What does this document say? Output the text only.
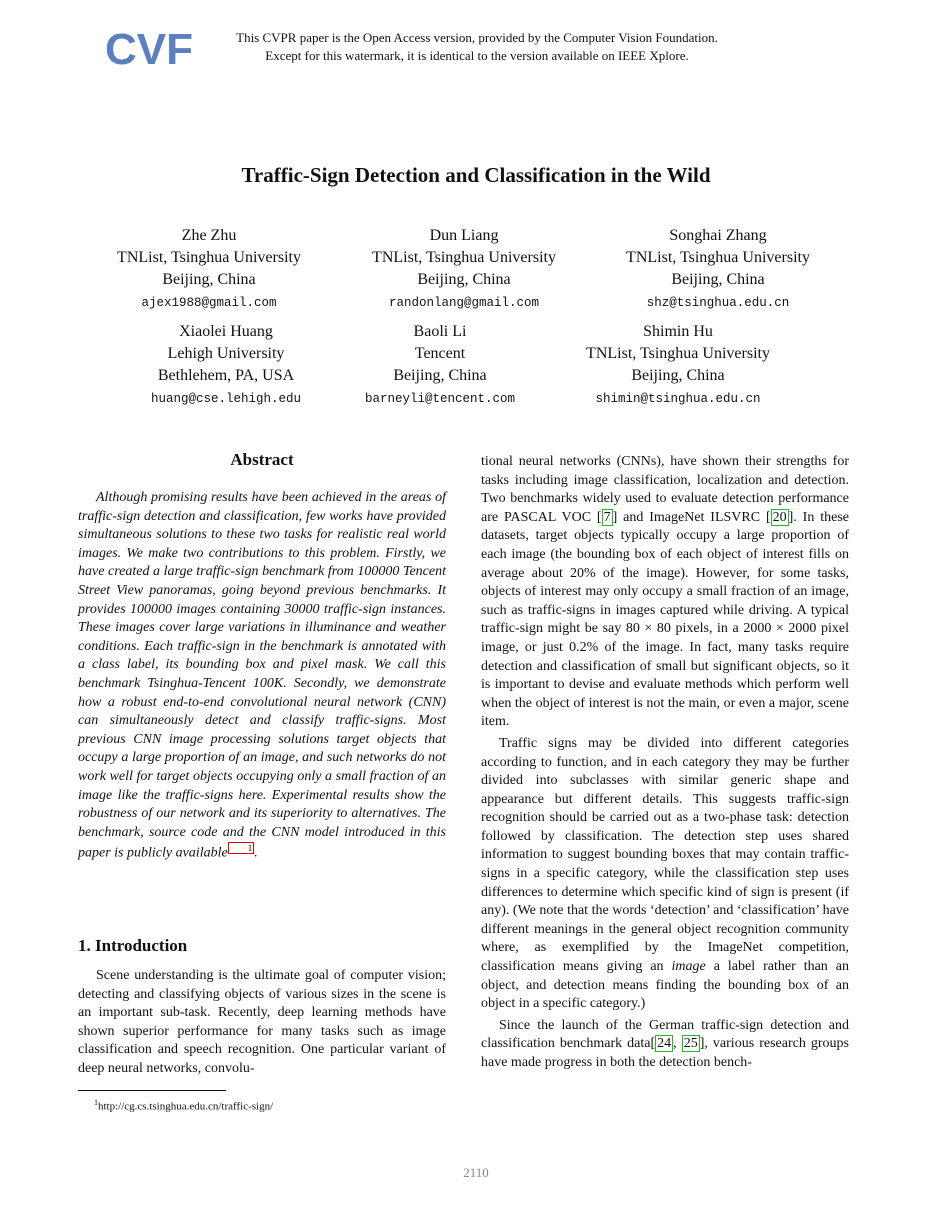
CVF	This CVPR paper is the Open Access version, provided by the Computer Vision Foundation.
Except for this watermark, it is identical to the version available on IEEE Xplore.
Traffic-Sign Detection and Classification in the Wild
Zhe Zhu
TNList, Tsinghua University
Beijing, China
ajex1988@gmail.com
Dun Liang
TNList, Tsinghua University
Beijing, China
randonlang@gmail.com
Songhai Zhang
TNList, Tsinghua University
Beijing, China
shz@tsinghua.edu.cn
Xiaolei Huang
Lehigh University
Bethlehem, PA, USA
huang@cse.lehigh.edu
Baoli Li
Tencent
Beijing, China
barneyli@tencent.com
Shimin Hu
TNList, Tsinghua University
Beijing, China
shimin@tsinghua.edu.cn
Abstract

Although promising results have been achieved in the areas of traffic-sign detection and classification, few works have provided simultaneous solutions to these two tasks for realistic real world images. We make two contributions to this problem. Firstly, we have created a large traffic-sign benchmark from 100000 Tencent Street View panoramas, going beyond previous benchmarks. It provides 100000 images containing 30000 traffic-sign instances. These images cover large variations in illuminance and weather conditions. Each traffic-sign in the benchmark is annotated with a class label, its bounding box and pixel mask. We call this benchmark Tsinghua-Tencent 100K. Secondly, we demonstrate how a robust end-to-end convolutional neural network (CNN) can simultaneously detect and classify traffic-signs. Most previous CNN image processing solutions target objects that occupy a large proportion of an image, and such networks do not work well for target objects occupying only a small fraction of an image like the traffic-signs here. Experimental results show the robustness of our network and its superiority to alternatives. The benchmark, source code and the CNN model introduced in this paper is publicly available 1 .

1. Introduction

Scene understanding is the ultimate goal of computer vision; detecting and classifying objects of various sizes in the scene is an important sub-task. Recently, deep learning methods have shown superior performance for many tasks such as image classification and speech recognition. One particular variant of deep neural networks, convolu-

tional neural networks (CNNs), have shown their strengths for tasks including image classification, localization and detection. Two benchmarks widely used to evaluate detection performance are PASCAL VOC [ 7 ] and ImageNet ILSVRC [ 20 ]. In these datasets, target objects typically occupy a large proportion of each image (the bounding box of each object of interest fills on average about 20% of the image). However, for some tasks, objects of interest may only occupy a small fraction of an image, such as traffic-signs in images captured while driving. A typical traffic-sign might be say 80 × 80 pixels, in a 2000 × 2000 pixel image, or just 0.2% of the image. In fact, many tasks require detection and classification of small but significant objects, so it is important to devise and evaluate methods which perform well when the object of interest is not the main, or even a major, scene item.

Traffic signs may be divided into different categories according to function, and in each category they may be further divided into subclasses with similar generic shape and appearance but different details. This suggests traffic-sign recognition should be carried out as a two-phase task: detection followed by classification. The detection step uses shared information to suggest bounding boxes that may contain traffic-signs in a specific category, while the classification step uses differences to determine which specific kind of sign is present (if any). (We note that the words ‘detection’ and ‘classification’ have different meanings in the general object recognition community where, as exemplified by the ImageNet competition, classification means giving an image a label rather than an object, and detection means finding the bounding box of an object in a specific category.)

Since the launch of the German traffic-sign detection and classification benchmark data[ 24 , 25 ], various research groups have made progress in both the detection bench-

$^1$http://cg.cs.tsinghua.edu.cn/traffic-sign/
2110
